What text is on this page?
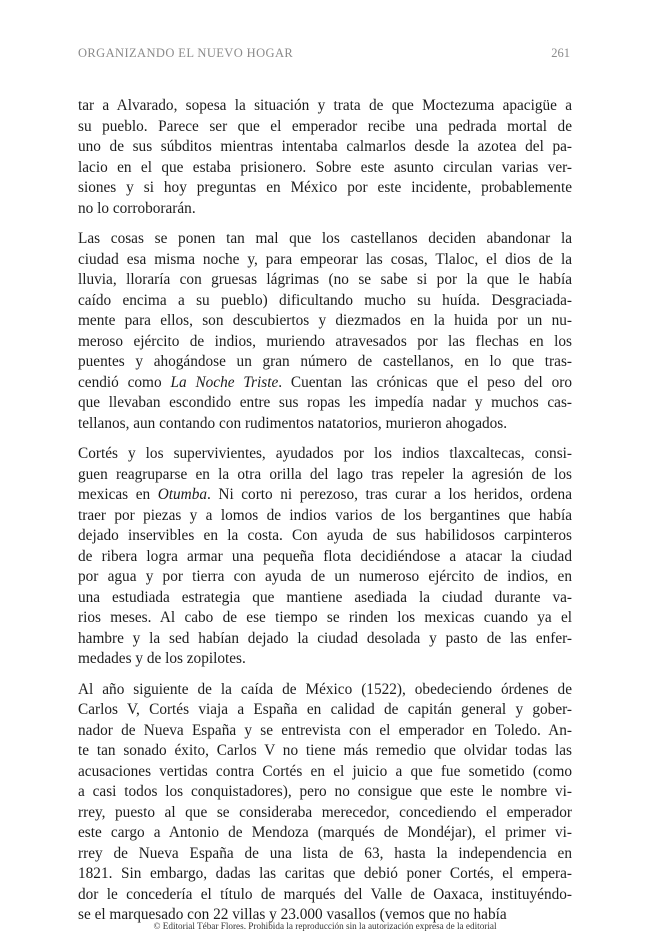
ORGANIZANDO EL NUEVO HOGAR	261

tar a Alvarado, sopesa la situación y trata de que Moctezuma apacigüe a
su pueblo. Parece ser que el emperador recibe una pedrada mortal de
uno de sus súbditos mientras intentaba calmarlos desde la azotea del pa-
lacio en el que estaba prisionero. Sobre este asunto circulan varias ver-
siones y si hoy preguntas en México por este incidente, probablemente
no lo corroborarán.

Las cosas se ponen tan mal que los castellanos deciden abandonar la
ciudad esa misma noche y, para empeorar las cosas, Tlaloc, el dios de la
lluvia, lloraría con gruesas lágrimas (no se sabe si por la que le había
caído encima a su pueblo) dificultando mucho su huída. Desgraciada-
mente para ellos, son descubiertos y diezmados en la huida por un nu-
meroso ejército de indios, muriendo atravesados por las flechas en los
puentes y ahogándose un gran número de castellanos, en lo que tras-
cendió como La Noche Triste. Cuentan las crónicas que el peso del oro
que llevaban escondido entre sus ropas les impedía nadar y muchos cas-
tellanos, aun contando con rudimentos natatorios, murieron ahogados.

Cortés y los supervivientes, ayudados por los indios tlaxcaltecas, consi-
guen reagruparse en la otra orilla del lago tras repeler la agresión de los
mexicas en Otumba. Ni corto ni perezoso, tras curar a los heridos, ordena
traer por piezas y a lomos de indios varios de los bergantines que había
dejado inservibles en la costa. Con ayuda de sus habilidosos carpinteros
de ribera logra armar una pequeña flota decidiéndose a atacar la ciudad
por agua y por tierra con ayuda de un numeroso ejército de indios, en
una estudiada estrategia que mantiene asediada la ciudad durante va-
rios meses. Al cabo de ese tiempo se rinden los mexicas cuando ya el
hambre y la sed habían dejado la ciudad desolada y pasto de las enfer-
medades y de los zopilotes.

Al año siguiente de la caída de México (1522), obedeciendo órdenes de
Carlos V, Cortés viaja a España en calidad de capitán general y gober-
nador de Nueva España y se entrevista con el emperador en Toledo. An-
te tan sonado éxito, Carlos V no tiene más remedio que olvidar todas las
acusaciones vertidas contra Cortés en el juicio a que fue sometido (como
a casi todos los conquistadores), pero no consigue que este le nombre vi-
rrey, puesto al que se consideraba merecedor, concediendo el emperador
este cargo a Antonio de Mendoza (marqués de Mondéjar), el primer vi-
rrey de Nueva España de una lista de 63, hasta la independencia en
1821. Sin embargo, dadas las caritas que debió poner Cortés, el empera-
dor le concedería el título de marqués del Valle de Oaxaca, instituyéndo-
se el marquesado con 22 villas y 23.000 vasallos (vemos que no había

© Editorial Tébar Flores. Prohibida la reproducción sin la autorización expresa de la editorial
